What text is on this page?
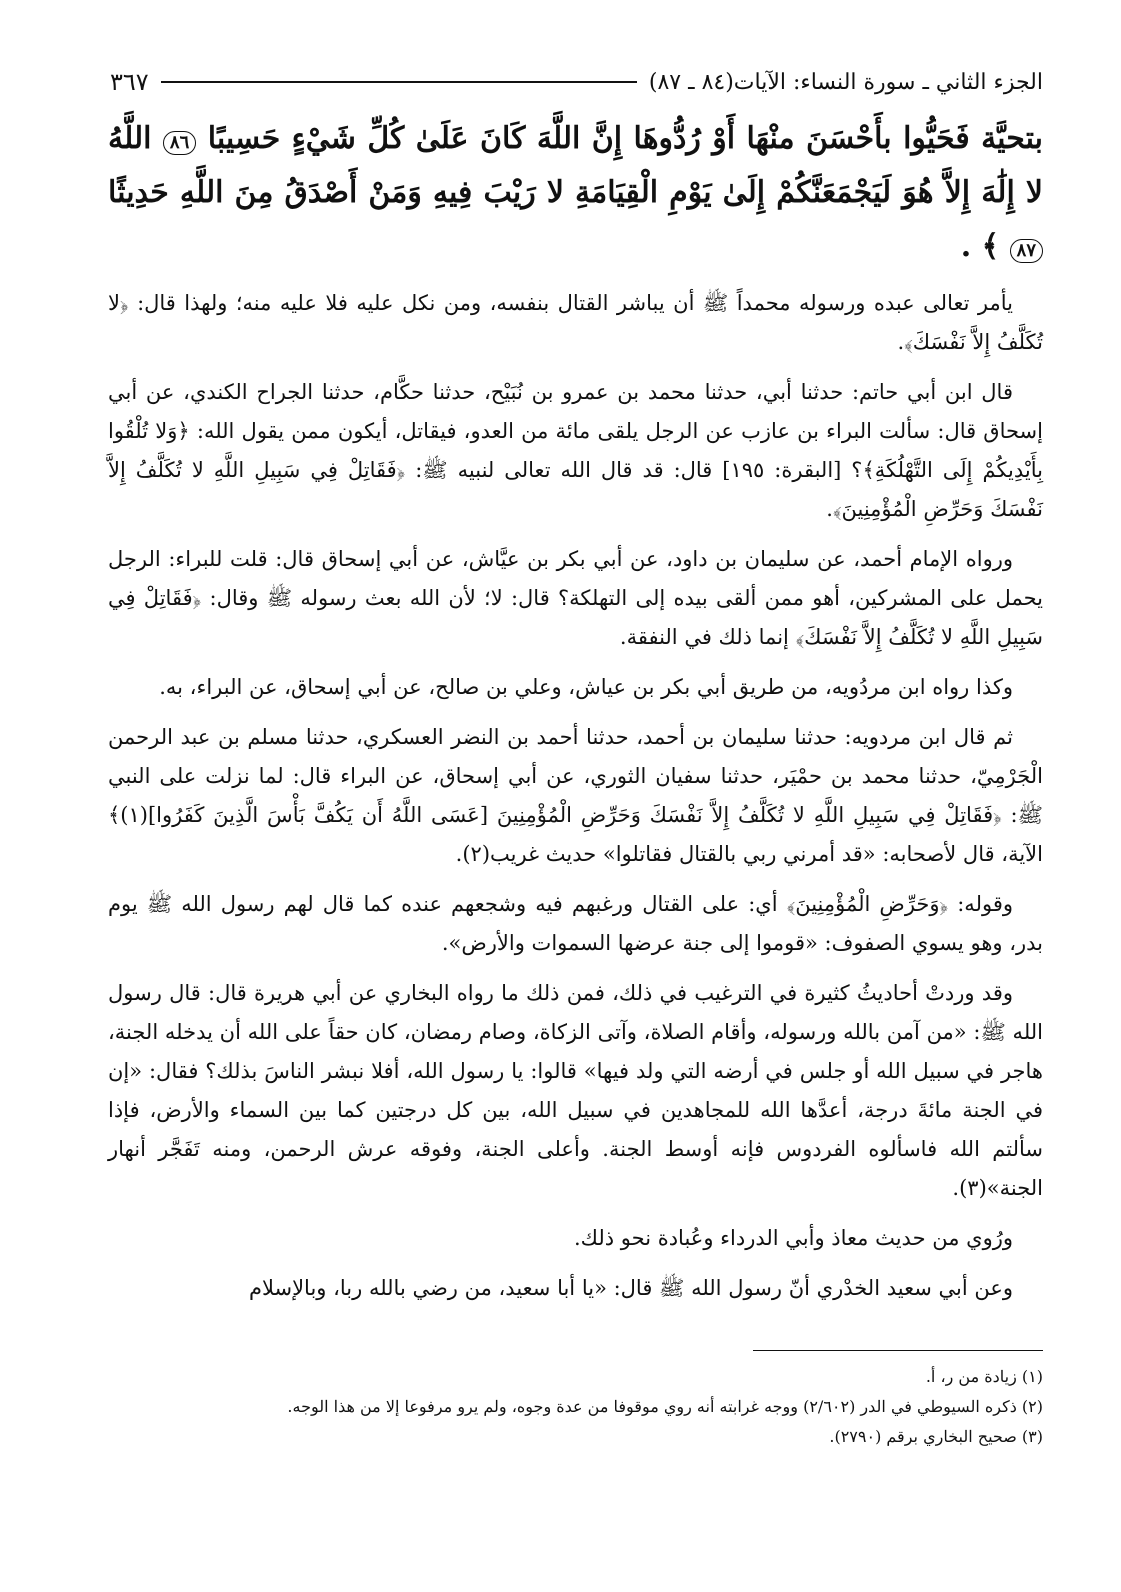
الجزء الثاني ـ سورة النساء: الآيات(٨٤ ـ ٨٧)
٣٦٧
بتحيَّة فَحَيُّوا بأَحْسَنَ منْهَا أَوْ رُدُّوهَا إِنَّ اللَّهَ كَانَ عَلَىٰ كُلِّ شَيْءٍ حَسِيبًا ٨٦ اللَّهُ لا إِلَٰهَ إِلاَّ هُوَ لَيَجْمَعَنَّكُمْ إِلَىٰ يَوْمِ الْقِيَامَةِ لا رَيْبَ فِيهِ وَمَنْ أَصْدَقُ مِنَ اللَّهِ حَدِيثًا ٨٧ ﴾ .

يأمر تعالى عبده ورسوله محمداً ﷺ أن يباشر القتال بنفسه، ومن نكل عليه فلا عليه منه؛ ولهذا قال: ﴿لا تُكَلَّفُ إِلاَّ نَفْسَكَ﴾.

قال ابن أبي حاتم: حدثنا أبي، حدثنا محمد بن عمرو بن نُبَيْح، حدثنا حكَّام، حدثنا الجراح الكندي، عن أبي إسحاق قال: سألت البراء بن عازب عن الرجل يلقى مائة من العدو، فيقاتل، أيكون ممن يقول الله: ﴿وَلا تُلْقُوا بِأَيْدِيكُمْ إِلَى التَّهْلُكَةِ﴾؟ [البقرة: ١٩٥] قال: قد قال الله تعالى لنبيه ﷺ: ﴿فَقَاتِلْ فِي سَبِيلِ اللَّهِ لا تُكَلَّفُ إِلاَّ نَفْسَكَ وَحَرِّضِ الْمُؤْمِنِينَ﴾.

ورواه الإمام أحمد، عن سليمان بن داود، عن أبي بكر بن عيَّاش، عن أبي إسحاق قال: قلت للبراء: الرجل يحمل على المشركين، أهو ممن ألقى بيده إلى التهلكة؟ قال: لا؛ لأن الله بعث رسوله ﷺ وقال: ﴿فَقَاتِلْ فِي سَبِيلِ اللَّهِ لا تُكَلَّفُ إِلاَّ نَفْسَكَ﴾ إنما ذلك في النفقة.

وكذا رواه ابن مردُويه، من طريق أبي بكر بن عياش، وعلي بن صالح، عن أبي إسحاق، عن البراء، به.

ثم قال ابن مردويه: حدثنا سليمان بن أحمد، حدثنا أحمد بن النضر العسكري، حدثنا مسلم بن عبد الرحمن الْجَرْمِيّ، حدثنا محمد بن حمْيَر، حدثنا سفيان الثوري، عن أبي إسحاق، عن البراء قال: لما نزلت على النبي ﷺ: ﴿فَقَاتِلْ فِي سَبِيلِ اللَّهِ لا تُكَلَّفُ إِلاَّ نَفْسَكَ وَحَرِّضِ الْمُؤْمِنِينَ [عَسَى اللَّهُ أَن يَكُفَّ بَأْسَ الَّذِينَ كَفَرُوا](١)﴾ الآية، قال لأصحابه: «قد أمرني ربي بالقتال فقاتلوا» حديث غريب(٢).

وقوله: ﴿وَحَرِّضِ الْمُؤْمِنِينَ﴾ أي: على القتال ورغبهم فيه وشجعهم عنده كما قال لهم رسول الله ﷺ يوم بدر، وهو يسوي الصفوف: «قوموا إلى جنة عرضها السموات والأرض».

وقد وردتْ أحاديثُ كثيرة في الترغيب في ذلك، فمن ذلك ما رواه البخاري عن أبي هريرة قال: قال رسول الله ﷺ: «من آمن بالله ورسوله، وأقام الصلاة، وآتى الزكاة، وصام رمضان، كان حقاً على الله أن يدخله الجنة، هاجر في سبيل الله أو جلس في أرضه التي ولد فيها» قالوا: يا رسول الله، أفلا نبشر الناسَ بذلك؟ فقال: «إن في الجنة مائةَ درجة، أعدَّها الله للمجاهدين في سبيل الله، بين كل درجتين كما بين السماء والأرض، فإذا سألتم الله فاسألوه الفردوس فإنه أوسط الجنة. وأعلى الجنة، وفوقه عرش الرحمن، ومنه تَفَجَّر أنهار الجنة»(٣).

ورُوي من حديث معاذ وأبي الدرداء وعُبادة نحو ذلك.

وعن أبي سعيد الخدْري أنّ رسول الله ﷺ قال: «يا أبا سعيد، من رضي بالله ربا، وبالإسلام

(١) زيادة من ر، أ.
(٢) ذكره السيوطي في الدر (٢/٦٠٢) ووجه غرابته أنه روي موقوفا من عدة وجوه، ولم يرو مرفوعا إلا من هذا الوجه.
(٣) صحيح البخاري برقم (٢٧٩٠).
